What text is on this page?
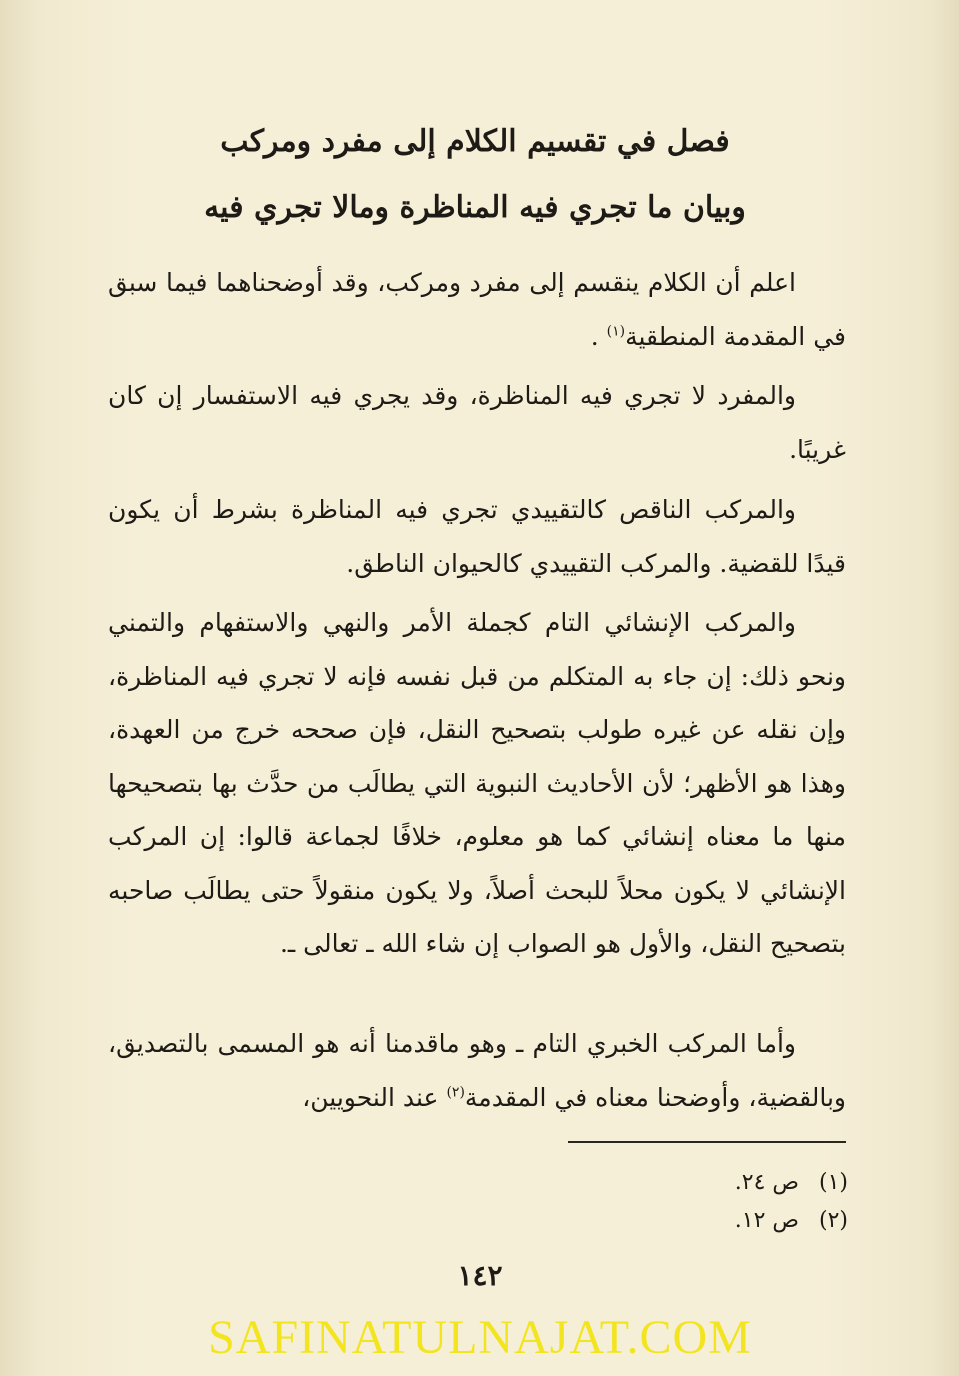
فصل في تقسيم الكلام إلى مفرد ومركب
وبيان ما تجري فيه المناظرة ومالا تجري فيه
اعلم أن الكلام ينقسم إلى مفرد ومركب، وقد أوضحناهما فيما سبق في المقدمة المنطقية$^{(١)}$ .
والمفرد لا تجري فيه المناظرة، وقد يجري فيه الاستفسار إن كان غريبًا.
والمركب الناقص كالتقييدي تجري فيه المناظرة بشرط أن يكون قيدًا للقضية. والمركب التقييدي كالحيوان الناطق.
والمركب الإنشائي التام كجملة الأمر والنهي والاستفهام والتمني ونحو ذلك: إن جاء به المتكلم من قبل نفسه فإنه لا تجري فيه المناظرة، وإن نقله عن غيره طولب بتصحيح النقل، فإن صححه خرج من العهدة، وهذا هو الأظهر؛ لأن الأحاديث النبوية التي يطالَب من حدَّث بها بتصحيحها منها ما معناه إنشائي كما هو معلوم، خلافًا لجماعة قالوا: إن المركب الإنشائي لا يكون محلاً للبحث أصلاً، ولا يكون منقولاً حتى يطالَب صاحبه بتصحيح النقل، والأول هو الصواب إن شاء الله ـ تعالى ـ.
وأما المركب الخبري التام ـ وهو ماقدمنا أنه هو المسمى بالتصديق، وبالقضية، وأوضحنا معناه في المقدمة$^{(٢)}$ عند النحويين،
(١)ص ٢٤.
(٢)ص ١٢.
١٤٢
SAFINATULNAJAT.COM
